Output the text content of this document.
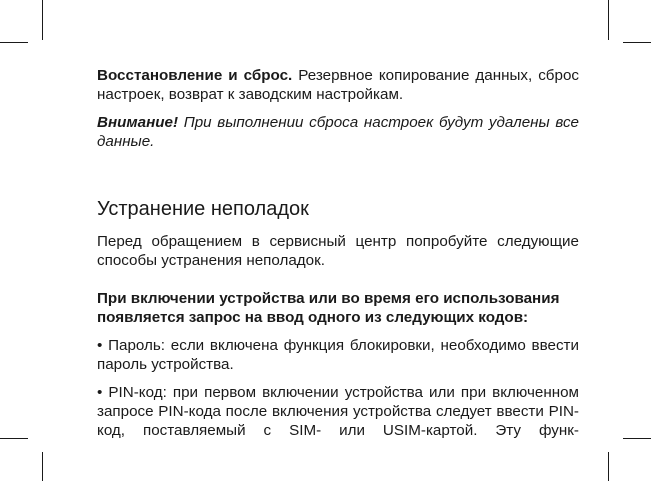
Восстановление и сброс. Резервное копирование данных, сброс настроек, возврат к заводским настройкам.

Внимание! При выполнении сброса настроек будут удалены все данные.

Устранение неполадок

Перед обращением в сервисный центр попробуйте следующие способы устранения неполадок.

При включении устройства или во время его использования появляется запрос на ввод одного из следующих кодов:

• Пароль: если включена функция блокировки, необходимо ввести пароль устройства.

• PIN-код: при первом включении устройства или при включенном запросе PIN-кода после включения устройства следует ввести PIN-код, поставляемый с SIM- или USIM-картой. Эту функ-
